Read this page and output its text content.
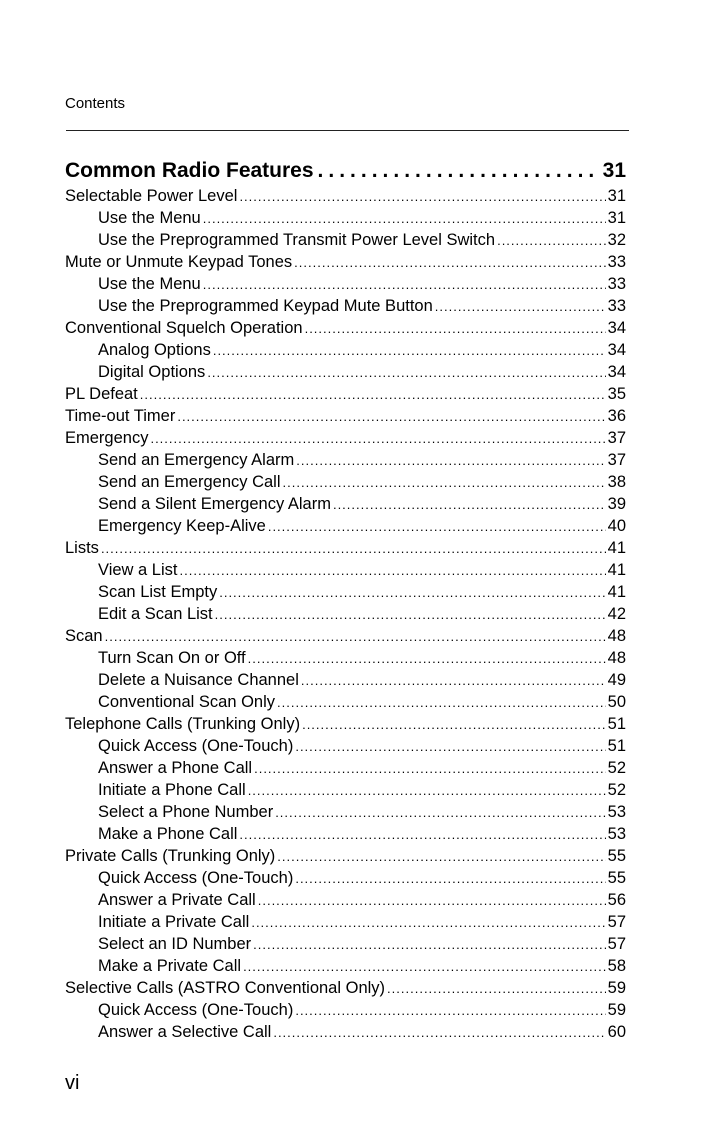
Contents
Common Radio Features .....	31
Selectable Power Level .....	31
Use the Menu .....	31
Use the Preprogrammed Transmit Power Level Switch .....	32
Mute or Unmute Keypad Tones .....	33
Use the Menu .....	33
Use the Preprogrammed Keypad Mute Button .....	33
Conventional Squelch Operation .....	34
Analog Options .....	34
Digital Options .....	34
PL Defeat .....	35
Time-out Timer .....	36
Emergency .....	37
Send an Emergency Alarm .....	37
Send an Emergency Call .....	38
Send a Silent Emergency Alarm .....	39
Emergency Keep-Alive .....	40
Lists .....	41
View a List .....	41
Scan List Empty .....	41
Edit a Scan List .....	42
Scan .....	48
Turn Scan On or Off .....	48
Delete a Nuisance Channel .....	49
Conventional Scan Only .....	50
Telephone Calls (Trunking Only) .....	51
Quick Access (One-Touch) .....	51
Answer a Phone Call .....	52
Initiate a Phone Call .....	52
Select a Phone Number .....	53
Make a Phone Call .....	53
Private Calls (Trunking Only) .....	55
Quick Access (One-Touch) .....	55
Answer a Private Call .....	56
Initiate a Private Call .....	57
Select an ID Number .....	57
Make a Private Call .....	58
Selective Calls (ASTRO Conventional Only) .....	59
Quick Access (One-Touch) .....	59
Answer a Selective Call .....	60
vi
